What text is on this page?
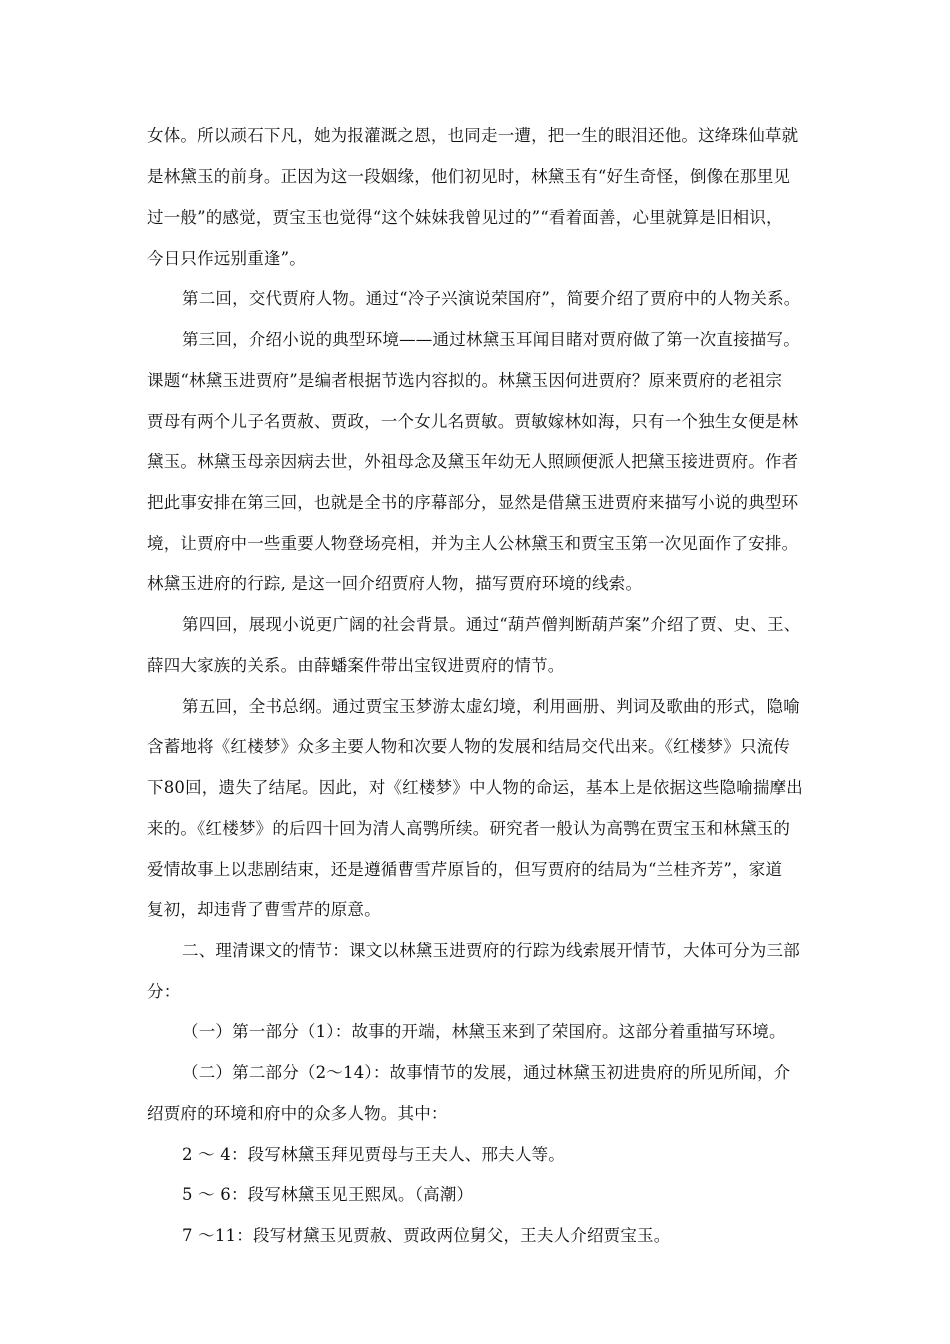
女体。所以顽石下凡，她为报灌溉之恩，也同走一遭，把一生的眼泪还他。这绛珠仙草就
是林黛玉的前身。正因为这一段姻缘，他们初见时，林黛玉有“好生奇怪，倒像在那里见
过一般”的感觉，贾宝玉也觉得“这个妹妹我曾见过的”“看着面善，心里就算是旧相识，
今日只作远别重逢”。
第二回，交代贾府人物。通过“冷子兴演说荣国府”，简要介绍了贾府中的人物关系。
第三回，介绍小说的典型环境——通过林黛玉耳闻目睹对贾府做了第一次直接描写。
课题“林黛玉进贾府”是编者根据节选内容拟的。林黛玉因何进贾府？原来贾府的老祖宗
贾母有两个儿子名贾赦、贾政，一个女儿名贾敏。贾敏嫁林如海，只有一个独生女便是林
黛玉。林黛玉母亲因病去世，外祖母念及黛玉年幼无人照顾便派人把黛玉接进贾府。作者
把此事安排在第三回，也就是全书的序幕部分，显然是借黛玉进贾府来描写小说的典型环
境，让贾府中一些重要人物登场亮相，并为主人公林黛玉和贾宝玉第一次见面作了安排。
林黛玉进府的行踪, 是这一回介绍贾府人物，描写贾府环境的线索。
第四回，展现小说更广阔的社会背景。通过“葫芦僧判断葫芦案”介绍了贾、史、王、
薛四大家族的关系。由薛蟠案件带出宝钗进贾府的情节。
第五回，全书总纲。通过贾宝玉梦游太虚幻境，利用画册、判词及歌曲的形式，隐喻
含蓄地将《红楼梦》众多主要人物和次要人物的发展和结局交代出来。《红楼梦》只流传
下80回，遗失了结尾。因此，对《红楼梦》中人物的命运，基本上是依据这些隐喻揣摩出
来的。《红楼梦》的后四十回为清人高鹗所续。研究者一般认为高鹗在贾宝玉和林黛玉的
爱情故事上以悲剧结束，还是遵循曹雪芹原旨的，但写贾府的结局为“兰桂齐芳”，家道
复初，却违背了曹雪芹的原意。
二、理清课文的情节：课文以林黛玉进贾府的行踪为线索展开情节，大体可分为三部
分：
（一）第一部分（1）：故事的开端，林黛玉来到了荣国府。这部分着重描写环境。
（二）第二部分（2～14）：故事情节的发展，通过林黛玉初进贵府的所见所闻，介
绍贾府的环境和府中的众多人物。其中：
2 ～ 4：段写林黛玉拜见贾母与王夫人、邢夫人等。
5 ～ 6：段写林黛玉见王熙凤。（高潮）
7 ～11：段写材黛玉见贾赦、贾政两位舅父，王夫人介绍贾宝玉。
